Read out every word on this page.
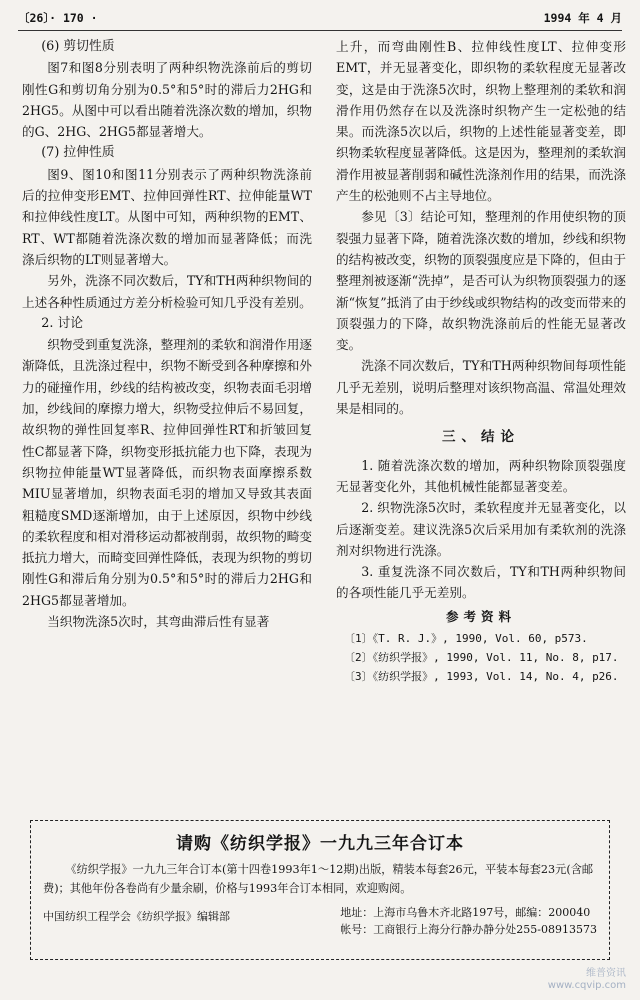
〔26〕· 170 ·	1994 年 4 月
(6) 剪切性质

图7和图8分别表明了两种织物洗涤前后的剪切刚性G和剪切角分别为0.5°和5°时的滞后力2HG和2HG5。从图中可以看出随着洗涤次数的增加，织物的G、2HG、2HG5都显著增大。

(7) 拉伸性质

图9、图10和图11分别表示了两种织物洗涤前后的拉伸变形EMT、拉伸回弹性RT、拉伸能量WT和拉伸线性度LT。从图中可知，两种织物的EMT、RT、WT都随着洗涤次数的增加而显著降低；而洗涤后织物的LT则显著增大。

另外，洗涤不同次数后，TY和TH两种织物间的上述各种性质通过方差分析检验可知几乎没有差别。

2. 讨论

织物受到重复洗涤，整理剂的柔软和润滑作用逐渐降低，且洗涤过程中，织物不断受到各种摩擦和外力的碰撞作用，纱线的结构被改变，织物表面毛羽增加，纱线间的摩擦力增大，织物受拉伸后不易回复，故织物的弹性回复率R、拉伸回弹性RT和折皱回复性C都显著下降，织物变形抵抗能力也下降，表现为织物拉伸能量WT显著降低，而织物表面摩擦系数MIU显著增加，织物表面毛羽的增加又导致其表面粗糙度SMD逐渐增加，由于上述原因，织物中纱线的柔软程度和相对滑移运动都被削弱，故织物的畸变抵抗力增大，而畸变回弹性降低，表现为织物的剪切刚性G和滞后角分别为0.5°和5°时的滞后力2HG和2HG5都显著增加。

当织物洗涤5次时，其弯曲滞后性有显著

上升，而弯曲刚性B、拉伸线性度LT、拉伸变形EMT，并无显著变化，即织物的柔软程度无显著改变，这是由于洗涤5次时，织物上整理剂的柔软和润滑作用仍然存在以及洗涤时织物产生一定松弛的结果。而洗涤5次以后，织物的上述性能显著变差，即织物柔软程度显著降低。这是因为，整理剂的柔软润滑作用被显著削弱和碱性洗涤剂作用的结果，而洗涤产生的松弛则不占主导地位。

参见〔3〕结论可知，整理剂的作用使织物的顶裂强力显著下降，随着洗涤次数的增加，纱线和织物的结构被改变，织物的顶裂强度应是下降的，但由于整理剂被逐渐“洗掉”，是否可认为织物顶裂强力的逐渐“恢复”抵消了由于纱线或织物结构的改变而带来的顶裂强力的下降，故织物洗涤前后的性能无显著改变。

洗涤不同次数后，TY和TH两种织物间每项性能几乎无差别，说明后整理对该织物高温、常温处理效果是相同的。

三、结论

1. 随着洗涤次数的增加，两种织物除顶裂强度无显著变化外，其他机械性能都显著变差。

2. 织物洗涤5次时，柔软程度并无显著变化，以后逐渐变差。建议洗涤5次后采用加有柔软剂的洗涤剂对织物进行洗涤。

3. 重复洗涤不同次数后，TY和TH两种织物间的各项性能几乎无差别。

参考资料
〔1〕《T. R. J.》, 1990, Vol. 60, p573.
〔2〕《纺织学报》, 1990, Vol. 11, No. 8, p17.
〔3〕《纺织学报》, 1993, Vol. 14, No. 4, p26.
请购《纺织学报》一九九三年合订本
《纺织学报》一九九三年合订本(第十四卷1993年1～12期)出版，精装本每套26元，平装本每套23元(含邮费)；其他年份各卷尚有少量余刷，价格与1993年合订本相同，欢迎购阅。
中国纺织工程学会《纺织学报》编辑部	地址：上海市乌鲁木齐北路197号，邮编：200040
帐号：工商银行上海分行静办静分处255-08913573
维普资讯
www.cqvip.com
